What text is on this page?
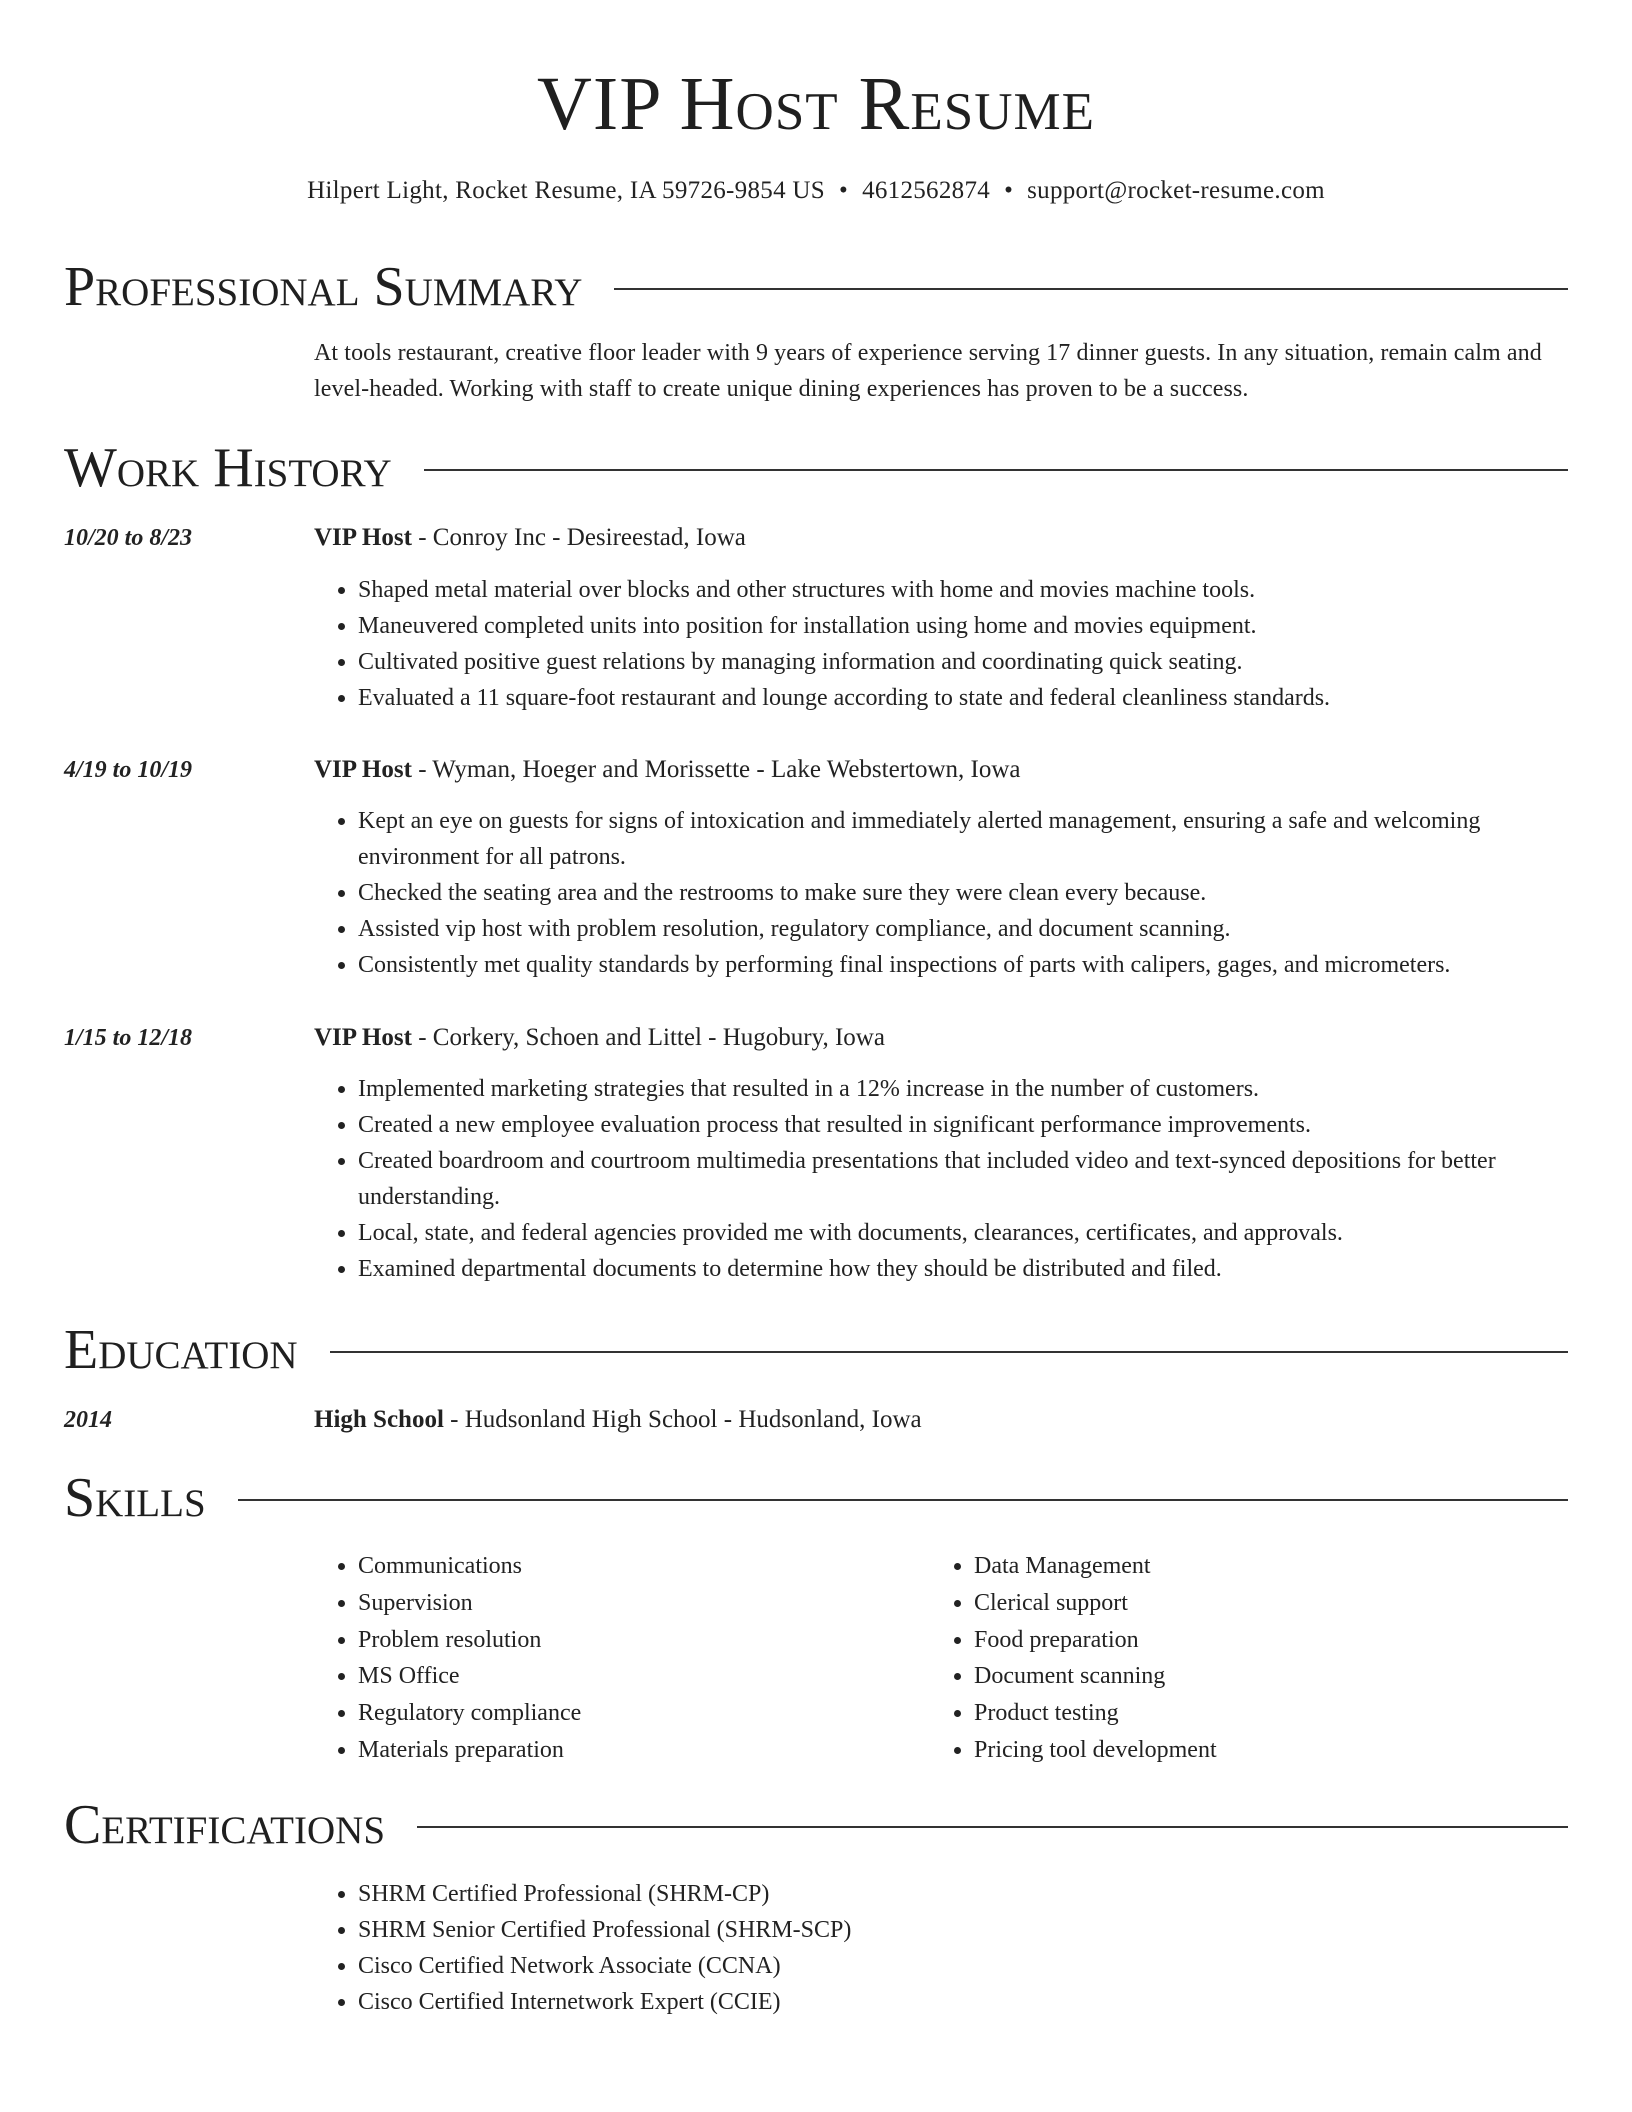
VIP Host Resume
Hilpert Light, Rocket Resume, IA 59726-9854 US • 4612562874 • support@rocket-resume.com
Professional Summary
At tools restaurant, creative floor leader with 9 years of experience serving 17 dinner guests. In any situation, remain calm and level-headed. Working with staff to create unique dining experiences has proven to be a success.
Work History
10/20 to 8/23	VIP Host - Conroy Inc - Desireestad, Iowa
• Shaped metal material over blocks and other structures with home and movies machine tools.
• Maneuvered completed units into position for installation using home and movies equipment.
• Cultivated positive guest relations by managing information and coordinating quick seating.
• Evaluated a 11 square-foot restaurant and lounge according to state and federal cleanliness standards.
4/19 to 10/19	VIP Host - Wyman, Hoeger and Morissette - Lake Webstertown, Iowa
• Kept an eye on guests for signs of intoxication and immediately alerted management, ensuring a safe and welcoming environment for all patrons.
• Checked the seating area and the restrooms to make sure they were clean every because.
• Assisted vip host with problem resolution, regulatory compliance, and document scanning.
• Consistently met quality standards by performing final inspections of parts with calipers, gages, and micrometers.
1/15 to 12/18	VIP Host - Corkery, Schoen and Littel - Hugobury, Iowa
• Implemented marketing strategies that resulted in a 12% increase in the number of customers.
• Created a new employee evaluation process that resulted in significant performance improvements.
• Created boardroom and courtroom multimedia presentations that included video and text-synced depositions for better understanding.
• Local, state, and federal agencies provided me with documents, clearances, certificates, and approvals.
• Examined departmental documents to determine how they should be distributed and filed.
Education
2014	High School - Hudsonland High School - Hudsonland, Iowa
Skills
• Communications
• Supervision
• Problem resolution
• MS Office
• Regulatory compliance
• Materials preparation
• Data Management
• Clerical support
• Food preparation
• Document scanning
• Product testing
• Pricing tool development
Certifications
• SHRM Certified Professional (SHRM-CP)
• SHRM Senior Certified Professional (SHRM-SCP)
• Cisco Certified Network Associate (CCNA)
• Cisco Certified Internetwork Expert (CCIE)
